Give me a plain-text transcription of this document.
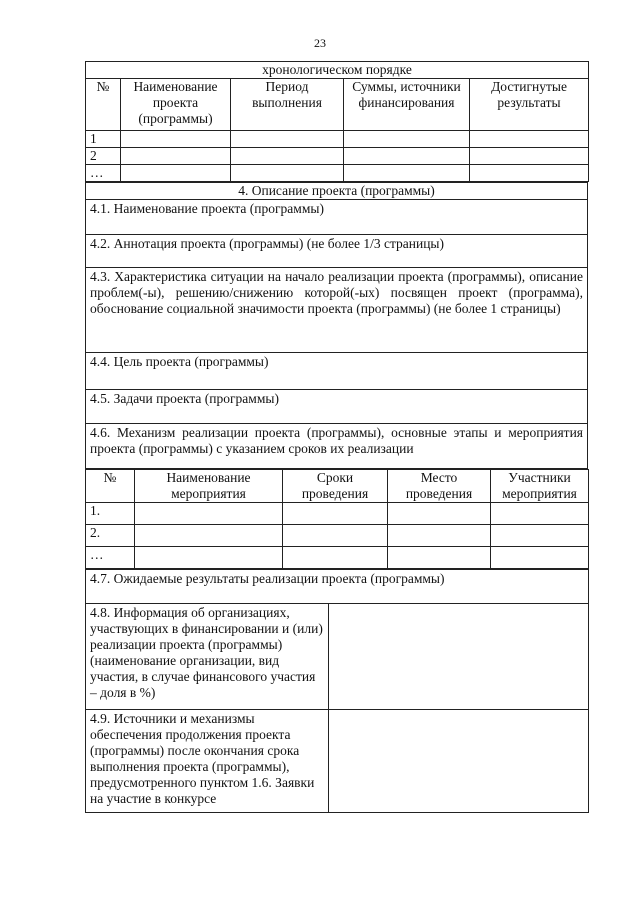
23
хронологическом порядке				
№	Наименование проекта (программы)	Период выполнения	Суммы, источники финансирования	Достигнутые результаты
1				
2				
…				
4. Описание проекта (программы)
4.1. Наименование проекта (программы)
4.2. Аннотация проекта (программы) (не более 1/3 страницы)
4.3. Характеристика ситуации на начало реализации проекта (программы), описание проблем(-ы), решению/снижению которой(-ых) посвящен проект (программа), обоснование социальной значимости проекта (программы) (не более 1 страницы)
4.4. Цель проекта (программы)
4.5. Задачи проекта (программы)
4.6. Механизм реализации проекта (программы), основные этапы и мероприятия проекта (программы) с указанием сроков их реализации
№	Наименование мероприятия	Сроки проведения	Место проведения	Участники мероприятия
1.				
2.				
…				
4.7. Ожидаемые результаты реализации проекта (программы)	
4.8. Информация об организациях, участвующих в финансировании и (или) реализации проекта (программы) (наименование организации, вид участия, в случае финансового участия – доля в %)	
4.9. Источники и механизмы обеспечения продолжения проекта (программы) после окончания срока выполнения проекта (программы), предусмотренного пунктом 1.6. Заявки на участие в конкурсе	
